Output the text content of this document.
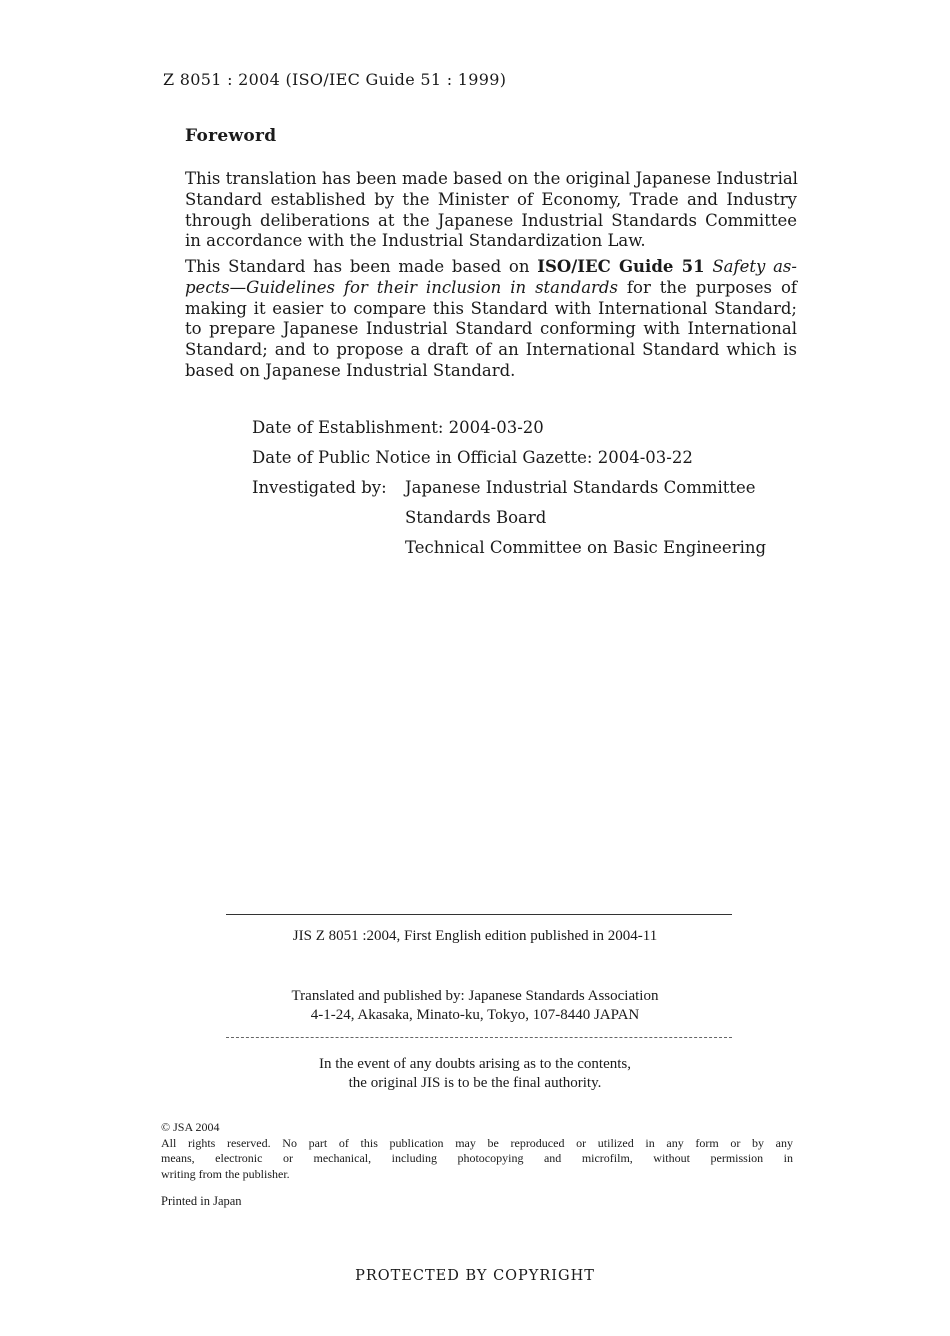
Z 8051 : 2004 (ISO/IEC Guide 51 : 1999)
Foreword
This translation has been made based on the original Japanese Industrial
Standard established by the Minister of Economy, Trade and Industry
through deliberations at the Japanese Industrial Standards Committee
in accordance with the Industrial Standardization Law.
This Standard has been made based on ISO/IEC Guide 51 Safety as-
pects—Guidelines for their inclusion in standards for the purposes of
making it easier to compare this Standard with International Standard;
to prepare Japanese Industrial Standard conforming with International
Standard; and to propose a draft of an International Standard which is
based on Japanese Industrial Standard.
Date of Establishment: 2004-03-20
Date of Public Notice in Official Gazette: 2004-03-22
Investigated by: Japanese Industrial Standards Committee
Standards Board
Technical Committee on Basic Engineering
JIS Z 8051 :2004, First English edition published in 2004-11
Translated and published by: Japanese Standards Association
4-1-24, Akasaka, Minato-ku, Tokyo, 107-8440 JAPAN
In the event of any doubts arising as to the contents,
the original JIS is to be the final authority.
© JSA 2004
All rights reserved. No part of this publication may be reproduced or utilized in any form or by any
means, electronic or mechanical, including photocopying and microfilm, without permission in
writing from the publisher.
Printed in Japan
PROTECTED BY COPYRIGHT
